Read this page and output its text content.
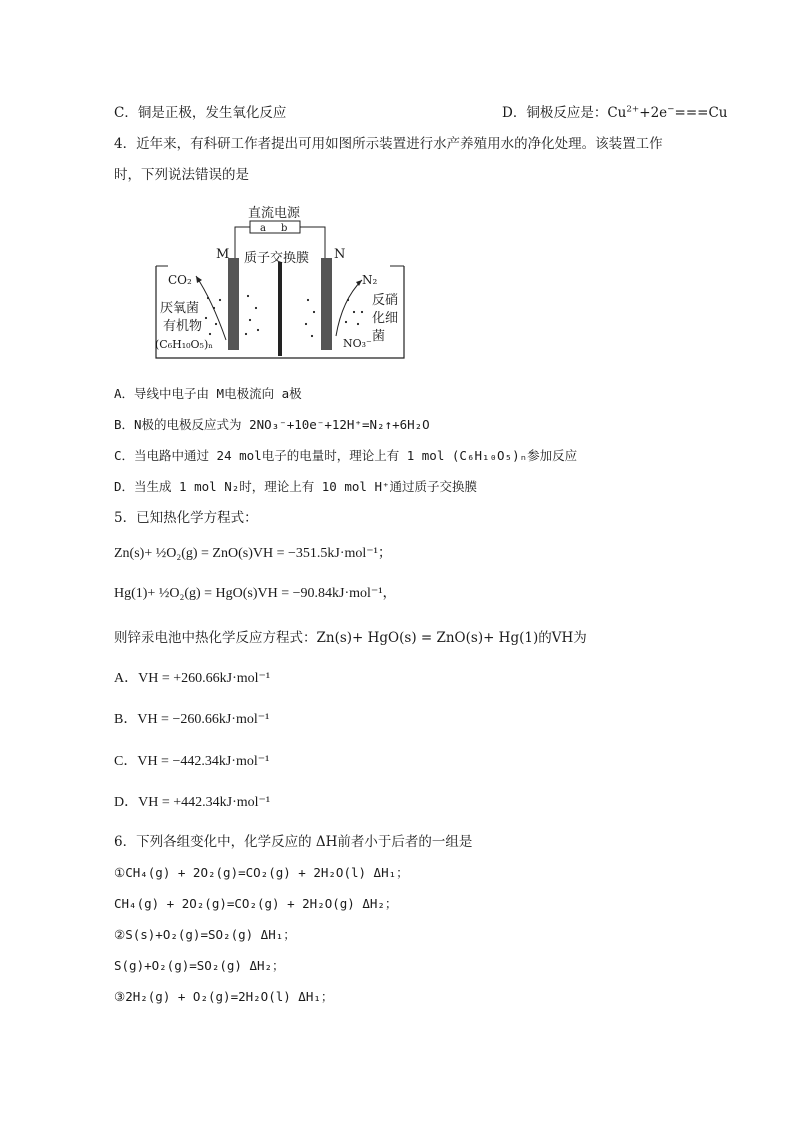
C．铜是正极，发生氧化反应	D．铜极反应是：$Cu^{2+}+2e^-===Cu$
4．近年来，有科研工作者提出可用如图所示装置进行水产养殖用水的净化处理。该装置工作
时，下列说法错误的是
直流电源
a b
M	N
质子交换膜
CO₂
厌氧菌
有机物
(C₆H₁₀O₅)ₙ
N₂
反硝
化细
菌
NO₃⁻
A．导线中电子由 M电极流向 a极
B．N极的电极反应式为 2NO₃⁻+10e⁻+12H⁺=N₂↑+6H₂O
C．当电路中通过 24 mol电子的电量时，理论上有 1 mol (C₆H₁₀O₅)ₙ参加反应
D．当生成 1 mol N₂时，理论上有 10 mol H⁺通过质子交换膜
5．已知热化学方程式：
Zn(s)+ ½O₂(g) = ZnO(s)VH = −351.5kJ·mol⁻¹；
Hg(1)+ ½O₂(g) = HgO(s)VH = −90.84kJ·mol⁻¹，
则锌汞电池中热化学反应方程式：Zn(s)+ HgO(s) = ZnO(s)+ Hg(1)的VH为
A．VH = +260.66kJ·mol⁻¹
B．VH = −260.66kJ·mol⁻¹
C．VH = −442.34kJ·mol⁻¹
D．VH = +442.34kJ·mol⁻¹
6．下列各组变化中，化学反应的 ΔH前者小于后者的一组是
①CH₄(g) + 2O₂(g)=CO₂(g) + 2H₂O(l) ΔH₁；
CH₄(g) + 2O₂(g)=CO₂(g) + 2H₂O(g) ΔH₂；
②S(s)+O₂(g)=SO₂(g) ΔH₁；
S(g)+O₂(g)=SO₂(g) ΔH₂；
③2H₂(g) + O₂(g)=2H₂O(l) ΔH₁；
